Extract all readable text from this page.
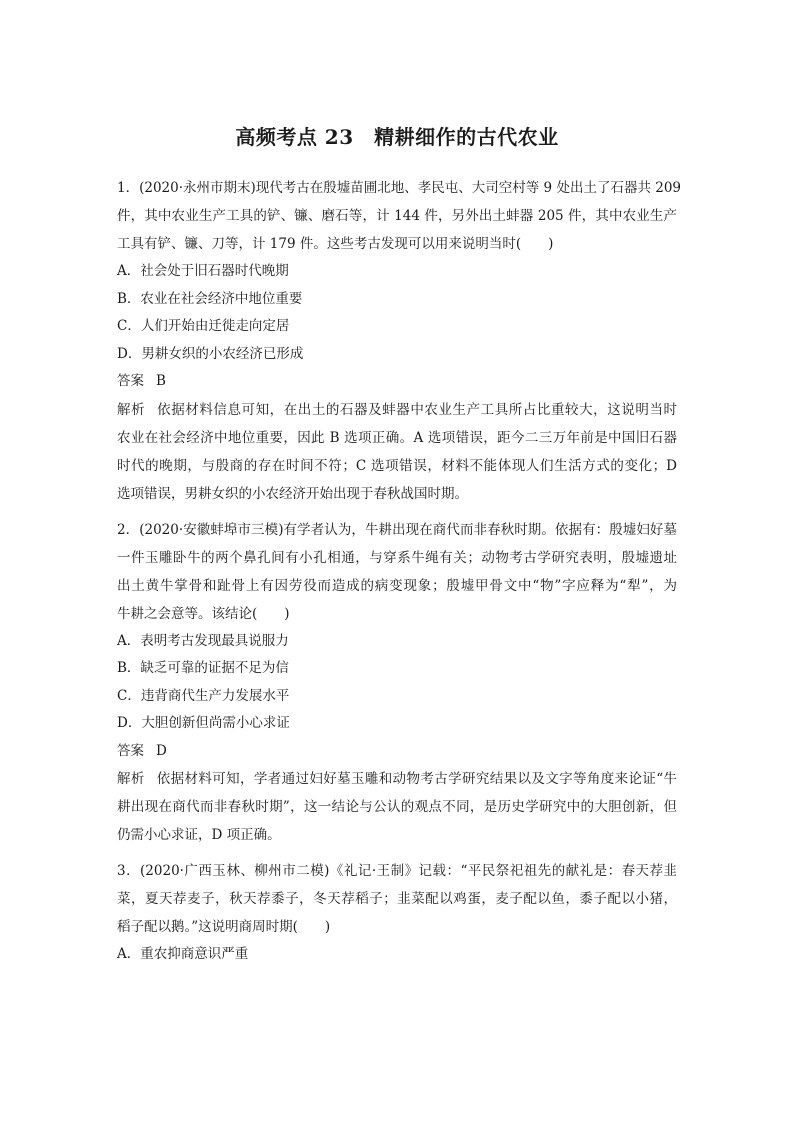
高频考点 23　精耕细作的古代农业
1．(2020·永州市期末)现代考古在殷墟苗圃北地、孝民屯、大司空村等 9 处出土了石器共 209
件，其中农业生产工具的铲、镰、磨石等，计 144 件，另外出土蚌器 205 件，其中农业生产
工具有铲、镰、刀等，计 179 件。这些考古发现可以用来说明当时(　　)
A．社会处于旧石器时代晚期
B．农业在社会经济中地位重要
C．人们开始由迁徙走向定居
D．男耕女织的小农经济已形成
答案 B
解析 依据材料信息可知，在出土的石器及蚌器中农业生产工具所占比重较大，这说明当时
农业在社会经济中地位重要，因此 B 选项正确。A 选项错误，距今二三万年前是中国旧石器
时代的晚期，与殷商的存在时间不符；C 选项错误，材料不能体现人们生活方式的变化；D
选项错误，男耕女织的小农经济开始出现于春秋战国时期。
2．(2020·安徽蚌埠市三模)有学者认为，牛耕出现在商代而非春秋时期。依据有：殷墟妇好墓
一件玉雕卧牛的两个鼻孔间有小孔相通，与穿系牛绳有关；动物考古学研究表明，殷墟遗址
出土黄牛掌骨和趾骨上有因劳役而造成的病变现象；殷墟甲骨文中“物”字应释为“犁”，为
牛耕之会意等。该结论(　　)
A．表明考古发现最具说服力
B．缺乏可靠的证据不足为信
C．违背商代生产力发展水平
D．大胆创新但尚需小心求证
答案 D
解析 依据材料可知，学者通过妇好墓玉雕和动物考古学研究结果以及文字等角度来论证“牛
耕出现在商代而非春秋时期”，这一结论与公认的观点不同，是历史学研究中的大胆创新，但
仍需小心求证，D 项正确。
3．(2020·广西玉林、柳州市二模)《礼记·王制》记载：“平民祭祀祖先的献礼是：春天荐韭
菜，夏天荐麦子，秋天荐黍子，冬天荐稻子；韭菜配以鸡蛋，麦子配以鱼，黍子配以小猪，
稻子配以鹅。”这说明商周时期(　　)
A．重农抑商意识严重
